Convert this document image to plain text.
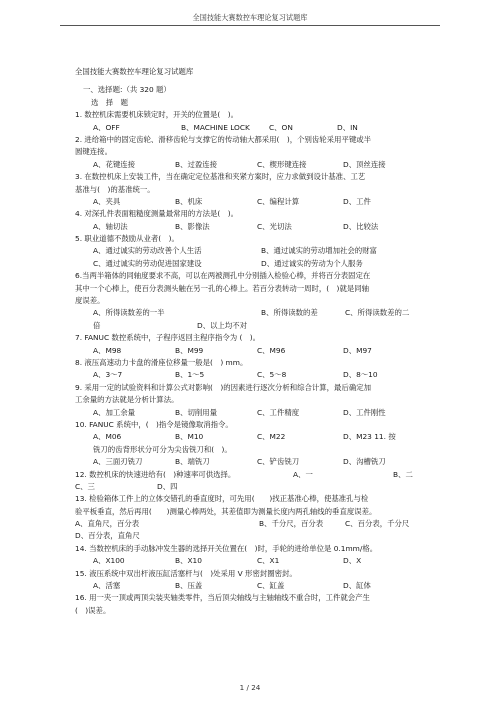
全国技能大赛数控车理论复习试题库
全国技能大赛数控车理论复习试题库
一、选择题:（共 320 题）
选　择　题
1. 数控机床需要机床锁定时，开关的位置是(　)。
A、OFF	B、MACHINE LOCK	C、ON	D、IN
2. 进给箱中的固定齿轮、滑移齿轮与支撑它的传动轴大都采用(　)，个别齿轮采用平键或半
圆键连接。
A、花键连接	B、过盈连接	C、楔形键连接	D、顶丝连接
3. 在数控机床上安装工件，当在确定定位基准和夹紧方案时，应力求做到设计基准、工艺
基准与(　)的基准统一。
A、夹具	B、机床	C、编程计算	D、工件
4. 对深孔件表面粗糙度测量最常用的方法是(　)。
A、轴切法	B、影像法	C、光切法	D、比较法
5. 职业道德不鼓励从业者(　)。
A、通过诚实的劳动改善个人生活	B、通过诚实的劳动增加社会的财富
C、通过诚实的劳动促进国家建设	D、通过诚实的劳动为个人服务
6.当两半箱体的同轴度要求不高，可以在两被测孔中分别插入检验心棒，并将百分表固定在
其中一个心棒上，使百分表测头触在另一孔的心棒上。若百分表转动一周时，(　)就是同轴
度误差。
A、所得读数差的一半	B、所得读数的差	C、所得读数差的二
倍	D、以上均不对
7. FANUC 数控系统中，子程序返回主程序指令为 (　)。
A、M98	B、M99	C、M96	D、M97
8. 液压高速动力卡盘的滑座位移量一般是(　) mm。
A、3～7	B、1～5	C、5～8	D、8～10
9. 采用一定的试验资料和计算公式对影响(　)的因素进行逐次分析和综合计算，最后确定加
工余量的方法就是分析计算法。
A、加工余量	B、切削用量	C、工件精度	D、工件刚性
10. FANUC 系统中，(　)指令是镜像取消指令。
A、M06	B、M10	C、M22	D、M23 11. 按
铣刀的齿背形状分可分为尖齿铣刀和(　)。
A、三面刃铣刀	B、端铣刀	C、铲齿铣刀	D、沟槽铣刀
12. 数控机床的快速进给有(　)种速率可供选择。	A、一	B、二
C、三	D、四
13. 检验箱体工件上的立体交错孔的垂直度时，可先用(　　)找正基准心棒，使基准孔与检
验平板垂直，然后再用(　　)测量心棒两处，其差值即为测量长度内两孔轴线的垂直度误差。
A、直角尺，百分表	B、千分尺，百分表	C、百分表，千分尺
D、百分表，直角尺
14. 当数控机床的手动脉冲发生器的选择开关位置在(　)时，手轮的进给单位是 0.1mm/格。
A、X100	B、X10	C、X1	D、X
15. 液压系统中双出杆液压缸活塞杆与(　)处采用 V 形密封圈密封。
A、活塞	B、压盖	C、缸盖	D、缸体
16. 用一夹一顶或两顶尖装夹轴类零件，当后顶尖轴线与主轴轴线不重合时，工件就会产生
(　)误差。
1 / 24
